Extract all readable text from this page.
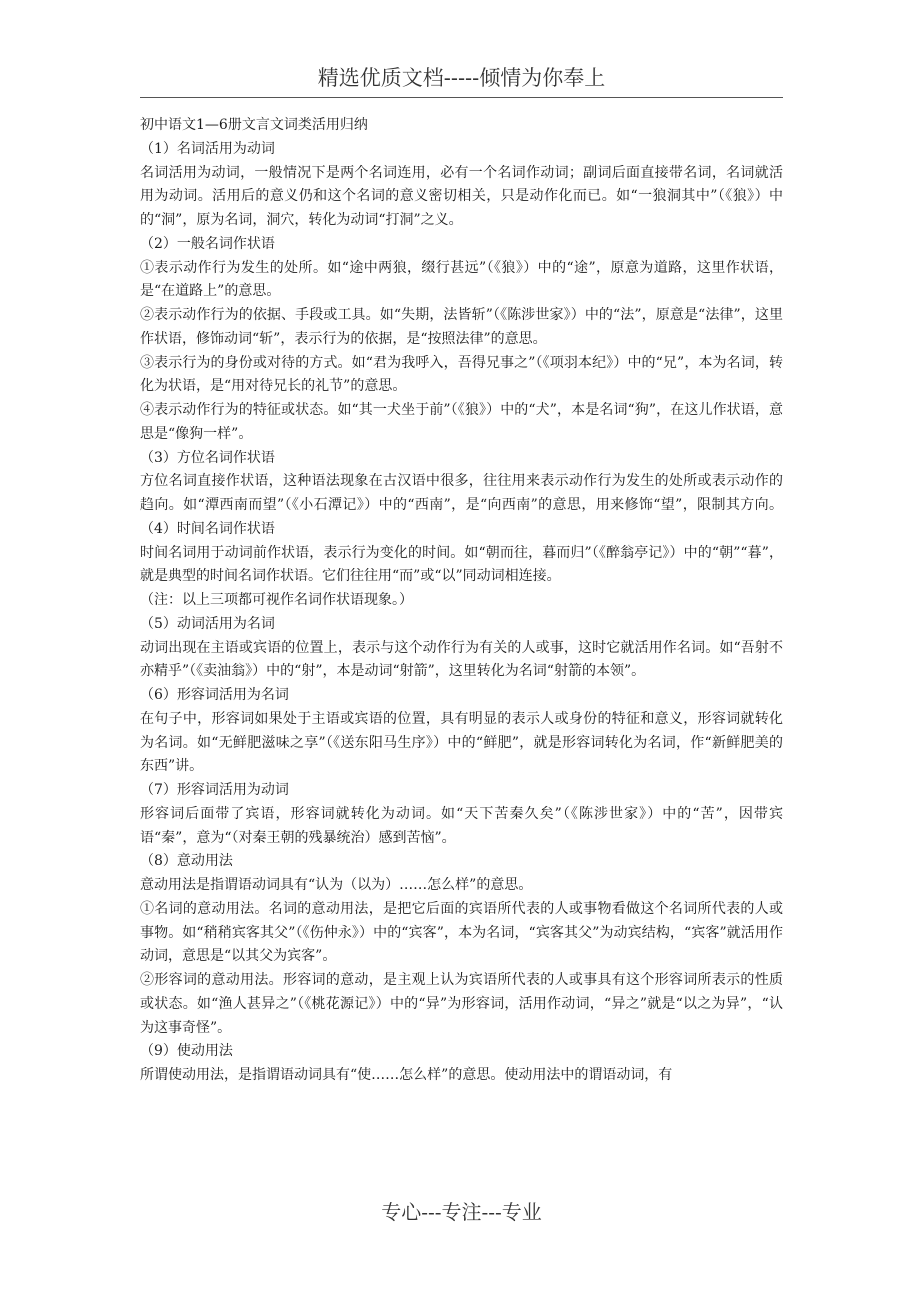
精选优质文档-----倾情为你奉上

初中语文1—6册文言文词类活用归纳

（1）名词活用为动词

名词活用为动词，一般情况下是两个名词连用，必有一个名词作动词；副词后面直接带名词，名词就活用为动词。活用后的意义仍和这个名词的意义密切相关，只是动作化而已。如“一狼洞其中”（《狼》）中的“洞”，原为名词，洞穴，转化为动词“打洞”之义。

（2）一般名词作状语

①表示动作行为发生的处所。如“途中两狼，缀行甚远”（《狼》）中的“途”，原意为道路，这里作状语，是“在道路上”的意思。

②表示动作行为的依据、手段或工具。如“失期，法皆斩”（《陈涉世家》）中的“法”，原意是“法律”，这里作状语，修饰动词“斩”，表示行为的依据，是“按照法律”的意思。

③表示行为的身份或对待的方式。如“君为我呼入，吾得兄事之”（《项羽本纪》）中的“兄”，本为名词，转化为状语，是“用对待兄长的礼节”的意思。

④表示动作行为的特征或状态。如“其一犬坐于前”（《狼》）中的“犬”，本是名词“狗”，在这儿作状语，意思是“像狗一样”。

（3）方位名词作状语

方位名词直接作状语，这种语法现象在古汉语中很多，往往用来表示动作行为发生的处所或表示动作的趋向。如“潭西南而望”（《小石潭记》）中的“西南”，是“向西南”的意思，用来修饰“望”，限制其方向。（4）时间名词作状语

时间名词用于动词前作状语，表示行为变化的时间。如“朝而往，暮而归”（《醉翁亭记》）中的“朝”“暮”，就是典型的时间名词作状语。它们往往用“而”或“以”同动词相连接。

（注：以上三项都可视作名词作状语现象。）

（5）动词活用为名词

动词出现在主语或宾语的位置上，表示与这个动作行为有关的人或事，这时它就活用作名词。如“吾射不亦精乎”（《卖油翁》）中的“射”，本是动词“射箭”，这里转化为名词“射箭的本领”。

（6）形容词活用为名词

在句子中，形容词如果处于主语或宾语的位置，具有明显的表示人或身份的特征和意义，形容词就转化为名词。如“无鲜肥滋味之享”（《送东阳马生序》）中的“鲜肥”，就是形容词转化为名词，作“新鲜肥美的东西”讲。

（7）形容词活用为动词

形容词后面带了宾语，形容词就转化为动词。如“天下苦秦久矣”（《陈涉世家》）中的“苦”，因带宾语“秦”，意为“（对秦王朝的残暴统治）感到苦恼”。

（8）意动用法

意动用法是指谓语动词具有“认为（以为）……怎么样”的意思。

①名词的意动用法。名词的意动用法，是把它后面的宾语所代表的人或事物看做这个名词所代表的人或事物。如“稍稍宾客其父”（《伤仲永》）中的“宾客”，本为名词，“宾客其父”为动宾结构，“宾客”就活用作动词，意思是“以其父为宾客”。

②形容词的意动用法。形容词的意动，是主观上认为宾语所代表的人或事具有这个形容词所表示的性质或状态。如“渔人甚异之”（《桃花源记》）中的“异”为形容词，活用作动词，“异之”就是“以之为异”，“认为这事奇怪”。

（9）使动用法

所谓使动用法，是指谓语动词具有“使……怎么样”的意思。使动用法中的谓语动词，有

专心---专注---专业
